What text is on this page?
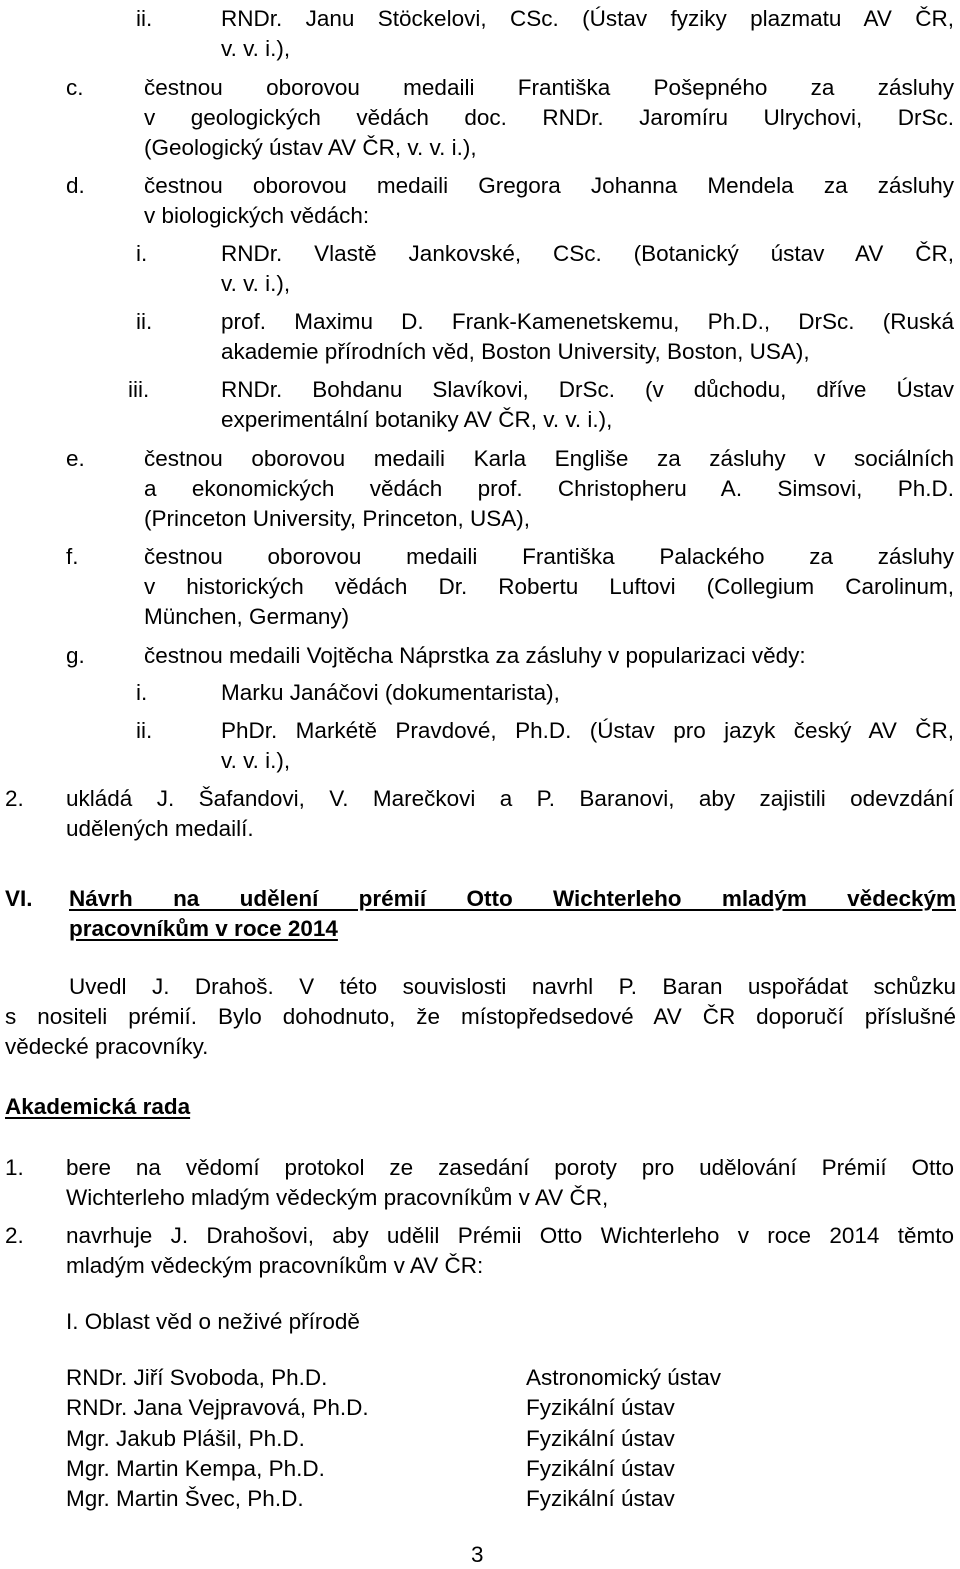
ii.	RNDr. Janu Stöckelovi, CSc. (Ústav fyziky plazmatu AV ČR,
v. v. i.),
c.	čestnou oborovou medaili Františka Pošepného za zásluhy
v geologických vědách doc. RNDr. Jaromíru Ulrychovi, DrSc.
(Geologický ústav AV ČR, v. v. i.),
d.	čestnou oborovou medaili Gregora Johanna Mendela za zásluhy
v biologických vědách:
i.	RNDr. Vlastě Jankovské, CSc. (Botanický ústav AV ČR,
v. v. i.),
ii.	prof. Maximu D. Frank-Kamenetskemu, Ph.D., DrSc. (Ruská
akademie přírodních věd, Boston University, Boston, USA),
iii.	RNDr. Bohdanu Slavíkovi, DrSc. (v důchodu, dříve Ústav
experimentální botaniky AV ČR, v. v. i.),
e.	čestnou oborovou medaili Karla Engliše za zásluhy v sociálních
a ekonomických vědách prof. Christopheru A. Simsovi, Ph.D.
(Princeton University, Princeton, USA),
f.	čestnou oborovou medaili Františka Palackého za zásluhy
v historických vědách Dr. Robertu Luftovi (Collegium Carolinum,
München, Germany)
g.	čestnou medaili Vojtěcha Náprstka za zásluhy v popularizaci vědy:
i.	Marku Janáčovi (dokumentarista),
ii.	PhDr. Markétě Pravdové, Ph.D. (Ústav pro jazyk český AV ČR,
v. v. i.),
2. ukládá J. Šafandovi, V. Marečkovi a P. Baranovi, aby zajistili odevzdání
udělených medailí.
VI. Návrh na udělení prémií Otto Wichterleho mladým vědeckým
pracovníkům v roce 2014
Uvedl J. Drahoš. V této souvislosti navrhl P. Baran uspořádat schůzku
s nositeli prémií. Bylo dohodnuto, že místopředsedové AV ČR doporučí příslušné
vědecké pracovníky.
Akademická rada
1. bere na vědomí protokol ze zasedání poroty pro udělování Prémií Otto
Wichterleho mladým vědeckým pracovníkům v AV ČR,
2. navrhuje J. Drahošovi, aby udělil Prémii Otto Wichterleho v roce 2014 těmto
mladým vědeckým pracovníkům v AV ČR:
I. Oblast věd o neživé přírodě
RNDr. Jiří Svoboda, Ph.D.	Astronomický ústav
RNDr. Jana Vejpravová, Ph.D.	Fyzikální ústav
Mgr. Jakub Plášil, Ph.D.	Fyzikální ústav
Mgr. Martin Kempa, Ph.D.	Fyzikální ústav
Mgr. Martin Švec, Ph.D.	Fyzikální ústav
3
